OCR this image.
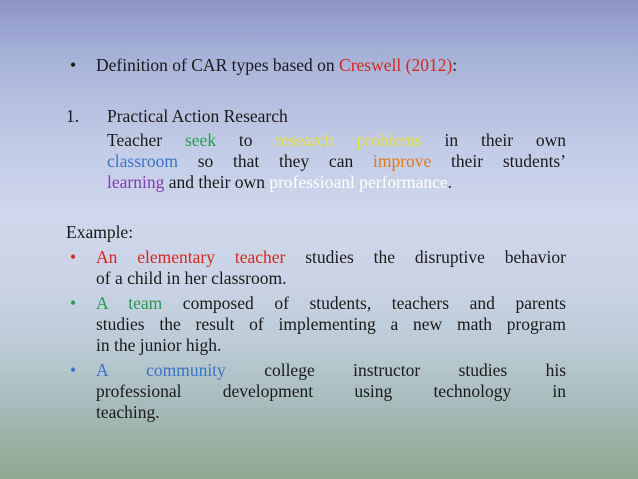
• Definition of CAR types based on Creswell (2012):
1. Practical Action Research
Teacher seek to research problems in their own
classroom so that they can improve their students’
learning and their own professioanl performance.
Example:
• An elementary teacher studies the disruptive behavior
of a child in her classroom.
• A team composed of students, teachers and parents
studies the result of implementing a new math program
in the junior high.
• A community college instructor studies his
professional development using technology in
teaching.
